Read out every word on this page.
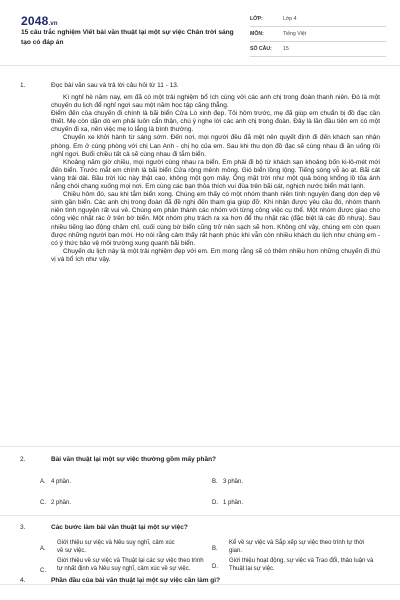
2048.vn
15 câu trắc nghiệm Viết bài văn thuật lại một sự việc Chân trời sáng tạo có đáp án
LỚP:	Lớp 4
MÔN:	Tiếng Việt
SỐ CÂU:	15
1.	Đọc bài văn sau và trả lời câu hỏi từ 11 - 13.

Kì nghỉ hè năm nay, em đã có một trải nghiệm bổ ích cùng với các anh chị trong đoàn thanh niên. Đó là một chuyến du lịch để nghỉ ngơi sau một năm học tập căng thẳng.

Điểm đến của chuyến đi chính là bãi biển Cửa Lò xinh đẹp. Tôi hôm trước, mẹ đã giúp em chuẩn bị đồ đạc cần thiết. Mẹ còn dặn dò em phải luôn cẩn thận, chú ý nghe lời các anh chị trong đoàn. Đây là lần đầu tiên em có một chuyến đi xa, nên việc mẹ lo lắng là bình thường.

Chuyến xe khởi hành từ sáng sớm. Đến nơi, mọi người đều đã mệt nên quyết định đi đến khách sạn nhận phòng. Em ở cùng phòng với chị Lan Anh - chị họ của em. Sau khi thu dọn đồ đạc sẽ cùng nhau đi ăn uống rồi nghỉ ngơi. Buổi chiều tất cả sẽ cùng nhau đi tắm biển.

Khoảng năm giờ chiều, mọi người cùng nhau ra biển. Em phải đi bộ từ khách sạn khoảng bốn ki-lô-mét mới đến biển. Trước mắt em chính là bãi biển Cửa rộng mênh mông. Gió biển lồng lộng. Tiếng sóng vỗ ào ạt. Bãi cát vàng trải dài. Bầu trời lúc này thật cao, không một gợn mây. Ông mặt trời như một quả bóng khổng lồ tỏa ánh nắng chói chang xuống mọi nơi. Em cùng các bạn thỏa thích vui đùa trên bãi cát, nghịch nước biển mát lạnh.

Chiều hôm đó, sau khi tắm biển xong. Chúng em thấy có một nhóm thanh niên tình nguyện đang dọn dẹp vệ sinh gần biển. Các anh chị trong đoàn đã đề nghị đến tham gia giúp đỡ. Khi nhận được yêu cầu đó, nhóm thanh niên tình nguyện rất vui vẻ. Chúng em phân thành các nhóm với từng công việc cụ thể. Một nhóm được giao cho công việc nhặt rác ở trên bờ biển. Một nhóm phụ trách ra xa hơn để thu nhặt rác (đặc biệt là các đồ nhựa). Sau nhiều tiếng lao động chăm chỉ, cuối cùng bờ biển cũng trở nên sạch sẽ hơn. Không chỉ vậy, chúng em còn quen được những người bạn mới. Họ nói rằng cảm thấy rất hạnh phúc khi vẫn còn nhiều khách du lịch như chúng em - có ý thức bảo vệ môi trường xung quanh bãi biển.

Chuyến du lịch này là một trải nghiệm đẹp với em. Em mong rằng sẽ có thêm nhiều hơn những chuyến đi thú vị và bổ ích như vậy.

2.	Bài văn thuật lại một sự việc thường gồm mấy phần?
A. 4 phần.	B. 3 phần.
C. 2 phần.	D. 1 phần.
3.	Các bước làm bài văn thuật lại một sự việc?
A.
Giới thiệu sự việc và Nêu suy nghĩ, cảm xúc về sự việc.	B.
Kể về sự việc và Sắp xếp sự việc theo trình tự thời gian.
C.
Giới thiệu về sự việc và Thuật lại các sự việc theo trình tự nhất định và Nêu suy nghĩ, cảm xúc về sự việc.	D.
Giới thiệu hoạt động, sự việc và Trao đổi, thảo luận và Thuật lại sự việc.
4.	Phần đầu của bài văn thuật lại một sự việc cần làm gì?
